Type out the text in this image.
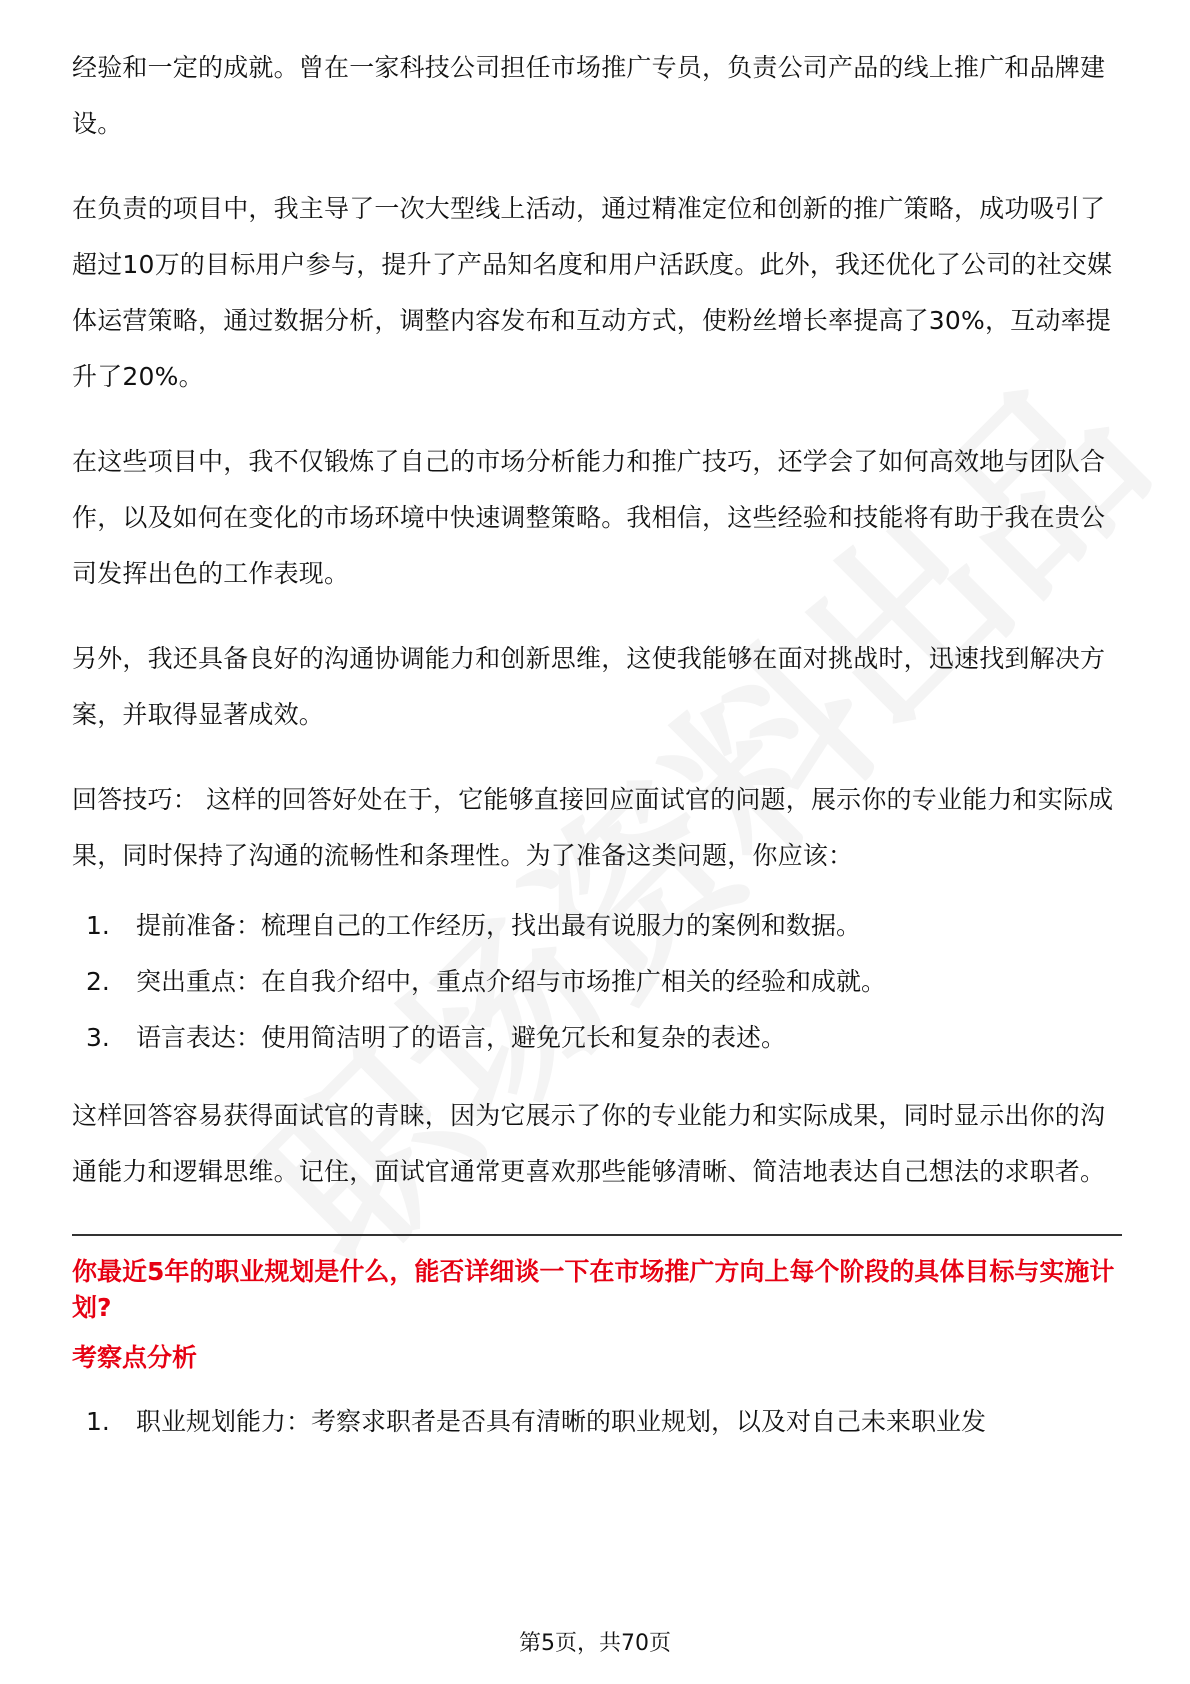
经验和一定的成就。曾在一家科技公司担任市场推广专员，负责公司产品的线上推广和品牌建设。

在负责的项目中，我主导了一次大型线上活动，通过精准定位和创新的推广策略，成功吸引了超过10万的目标用户参与，提升了产品知名度和用户活跃度。此外，我还优化了公司的社交媒体运营策略，通过数据分析，调整内容发布和互动方式，使粉丝增长率提高了30%，互动率提升了20%。

在这些项目中，我不仅锻炼了自己的市场分析能力和推广技巧，还学会了如何高效地与团队合作，以及如何在变化的市场环境中快速调整策略。我相信，这些经验和技能将有助于我在贵公司发挥出色的工作表现。

另外，我还具备良好的沟通协调能力和创新思维，这使我能够在面对挑战时，迅速找到解决方案，并取得显著成效。

回答技巧： 这样的回答好处在于，它能够直接回应面试官的问题，展示你的专业能力和实际成果，同时保持了沟通的流畅性和条理性。为了准备这类问题，你应该：

1.	提前准备：梳理自己的工作经历，找出最有说服力的案例和数据。
2.	突出重点：在自我介绍中，重点介绍与市场推广相关的经验和成就。
3.	语言表达：使用简洁明了的语言，避免冗长和复杂的表述。

这样回答容易获得面试官的青睐，因为它展示了你的专业能力和实际成果，同时显示出你的沟通能力和逻辑思维。记住，面试官通常更喜欢那些能够清晰、简洁地表达自己想法的求职者。

你最近5年的职业规划是什么，能否详细谈一下在市场推广方向上每个阶段的具体目标与实施计划?

考察点分析

1.	职业规划能力：考察求职者是否具有清晰的职业规划，以及对自己未来职业发
第5页，共70页
